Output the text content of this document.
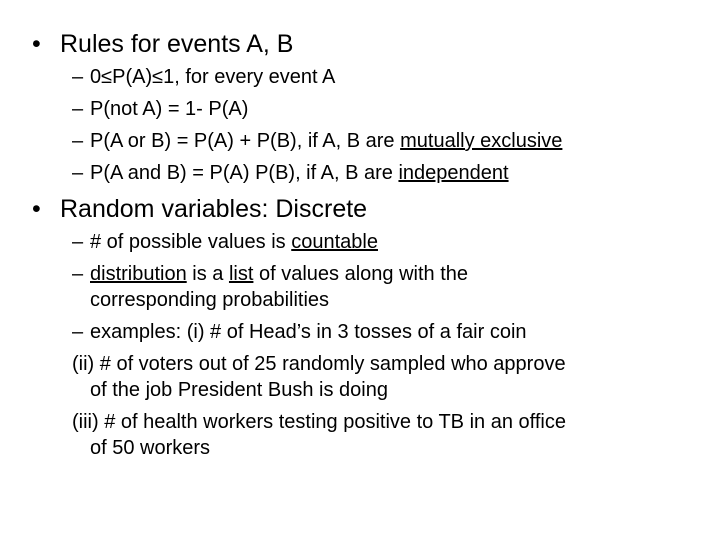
• Rules for events A, B
– 0≤P(A)≤1, for every event A
– P(not A) = 1- P(A)
– P(A or B) = P(A) + P(B), if A, B are mutually exclusive
– P(A and B) = P(A) P(B), if A, B are independent
• Random variables: Discrete
– # of possible values is countable
– distribution is a list of values along with the
corresponding probabilities
– examples: (i) # of Head’s in 3 tosses of a fair coin
(ii) # of voters out of 25 randomly sampled who approve
of the job President Bush is doing
(iii) # of health workers testing positive to TB in an office
of 50 workers
